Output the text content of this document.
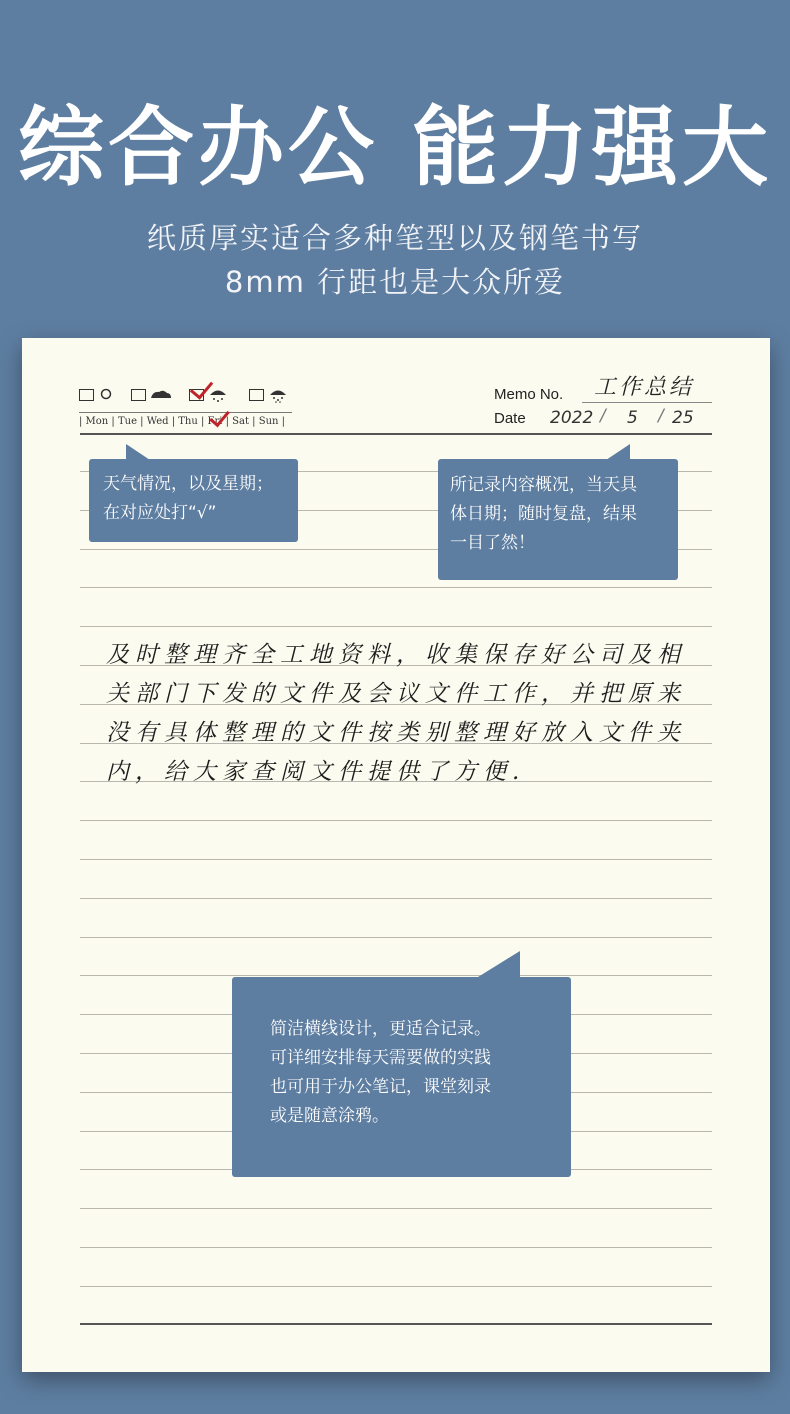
综合办公 能力强大
纸质厚实适合多种笔型以及钢笔书写
8mm 行距也是大众所爱
| Mon | Tue | Wed | Thu | Fri | Sat | Sun |
Memo No. 工作总结
Date 2022 / 5 / 25
及时整理齐全工地资料，收集保存好公司及相
关部门下发的文件及会议文件工作，并把原来
没有具体整理的文件按类别整理好放入文件夹
内，给大家查阅文件提供了方便.
天气情况，以及星期；
在对应处打“√”
所记录内容概况，当天具
体日期；随时复盘，结果
一目了然！
简洁横线设计，更适合记录。
可详细安排每天需要做的实践
也可用于办公笔记，课堂刻录
或是随意涂鸦。
